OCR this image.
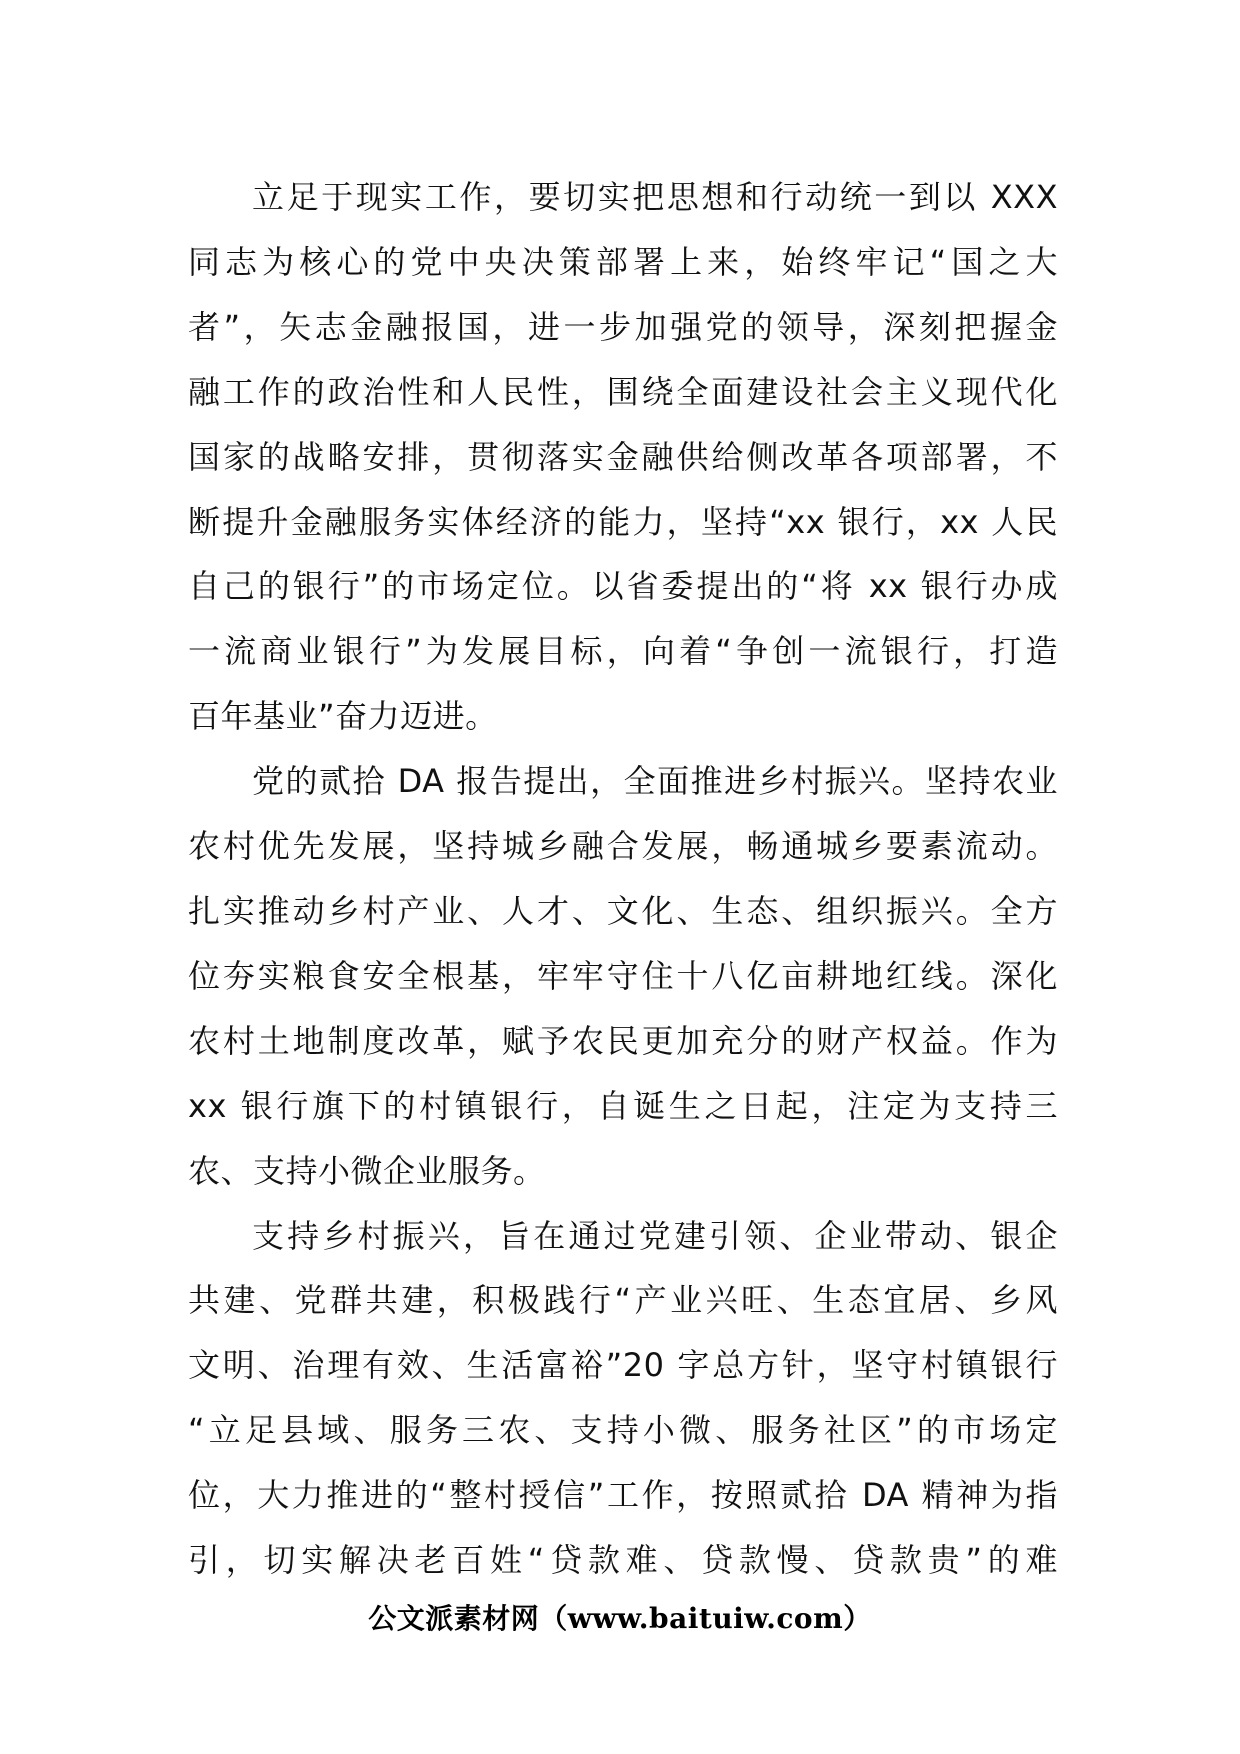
立足于现实工作，要切实把思想和行动统一到以 XXX
同志为核心的党中央决策部署上来，始终牢记“国之大
者”，矢志金融报国，进一步加强党的领导，深刻把握金
融工作的政治性和人民性，围绕全面建设社会主义现代化
国家的战略安排，贯彻落实金融供给侧改革各项部署，不
断提升金融服务实体经济的能力，坚持“xx 银行，xx 人民
自己的银行”的市场定位。以省委提出的“将 xx 银行办成
一流商业银行”为发展目标，向着“争创一流银行，打造
百年基业”奋力迈进。

党的贰拾 DA 报告提出，全面推进乡村振兴。坚持农业
农村优先发展，坚持城乡融合发展，畅通城乡要素流动。
扎实推动乡村产业、人才、文化、生态、组织振兴。全方
位夯实粮食安全根基，牢牢守住十八亿亩耕地红线。深化
农村土地制度改革，赋予农民更加充分的财产权益。作为
xx 银行旗下的村镇银行，自诞生之日起，注定为支持三
农、支持小微企业服务。

支持乡村振兴，旨在通过党建引领、企业带动、银企
共建、党群共建，积极践行“产业兴旺、生态宜居、乡风
文明、治理有效、生活富裕”20 字总方针，坚守村镇银行
“立足县域、服务三农、支持小微、服务社区”的市场定
位，大力推进的“整村授信”工作，按照贰拾 DA 精神为指
引，切实解决老百姓“贷款难、贷款慢、贷款贵”的难

公文派素材网（www.baituiw.com）
